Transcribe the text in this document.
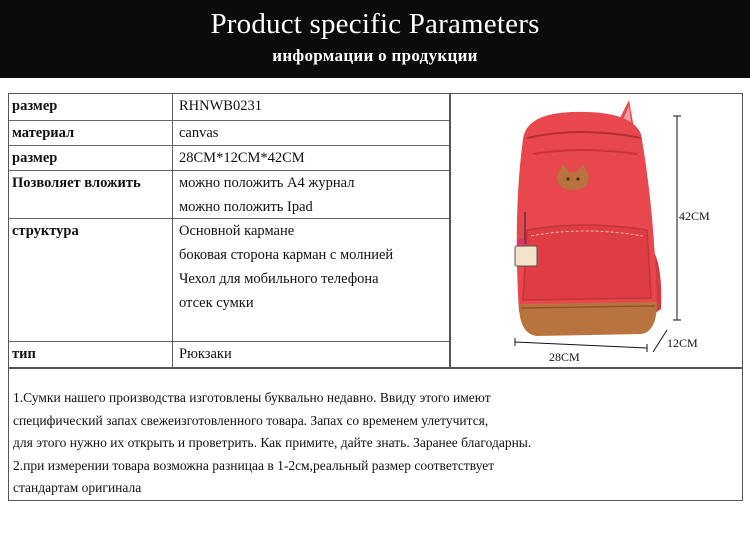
Product specific Parameters
информации о продукции
размер	RHNWB0231
материал	canvas
размер	28CM*12CM*42CM
Позволяет вложить	можно положить A4 журнал
можно положить Ipad
структура	Основной кармане
боковая сторона карман с молнией
Чехол для мобильного телефона
отсек сумки
тип	Рюкзаки
42CM
28CM
12CM
1.Сумки нашего производства изготовлены буквально недавно. Ввиду этого имеют
специфический запах свежеизготовленного товара. Запах со временем улетучится,
для этого нужно их открыть и проветрить. Как примите, дайте знать. Заранее благодарны.
2.при измерении товара возможна разницаа в 1-2см,реальный размер соответствует
стандартам оригинала
